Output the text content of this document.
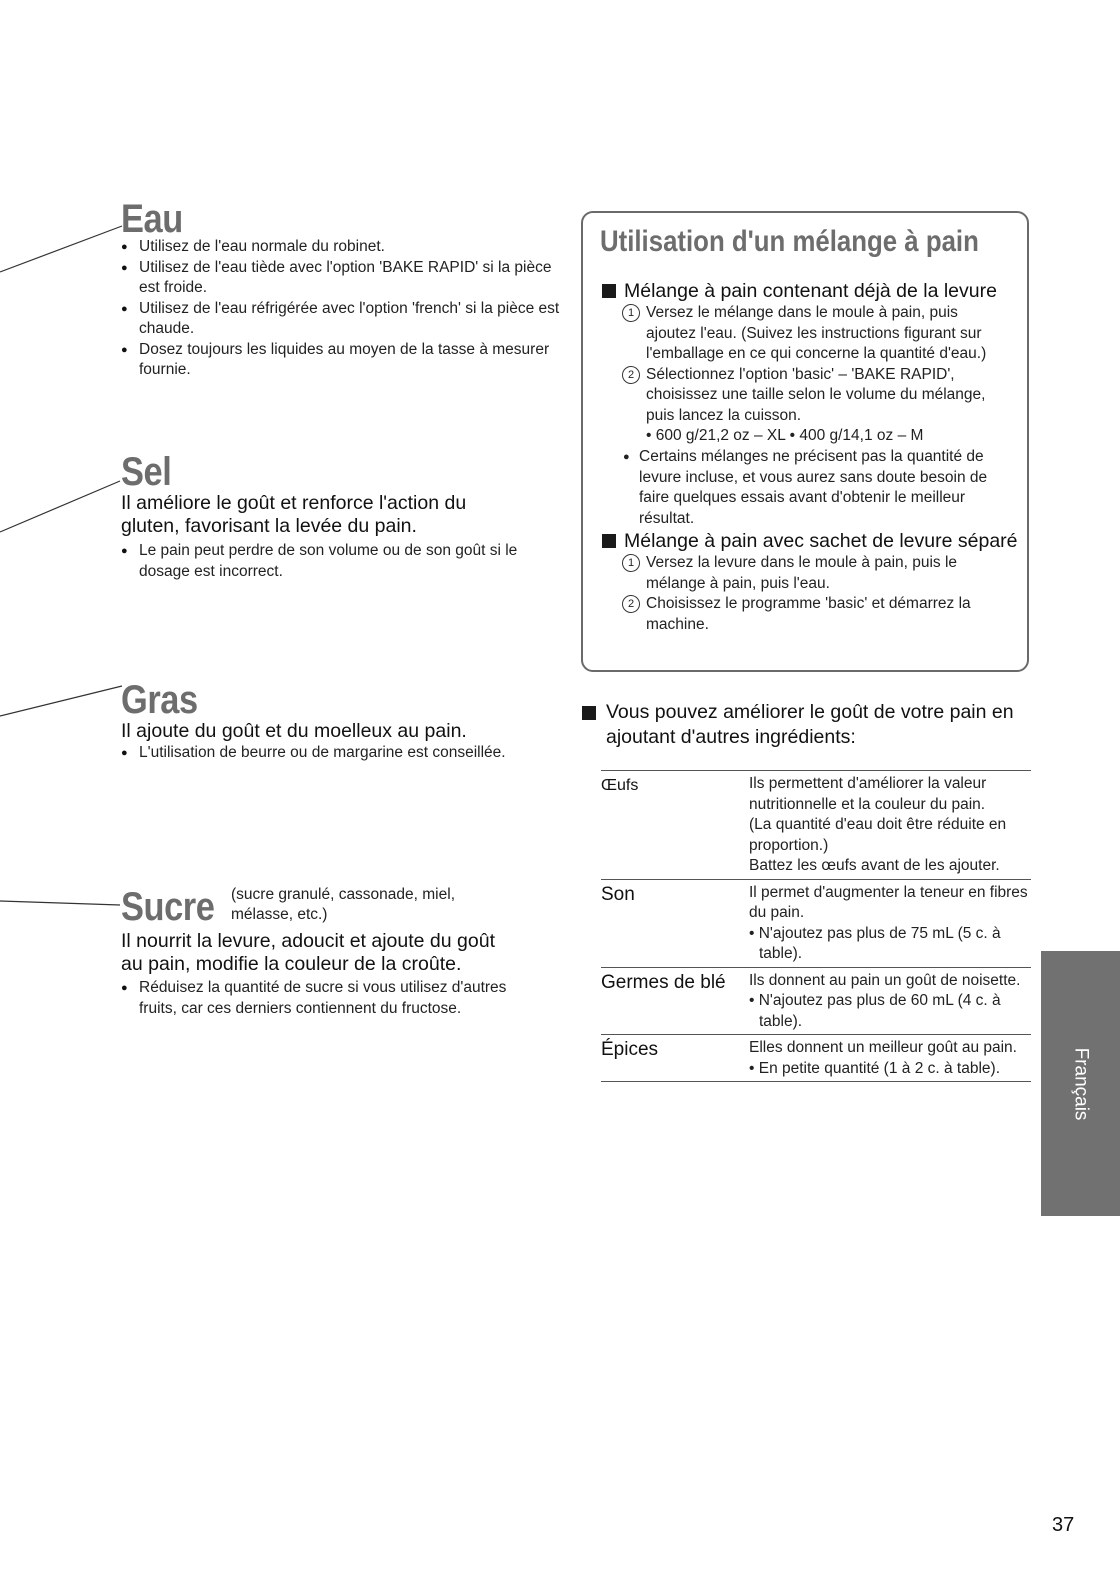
Eau
● Utilisez de l'eau normale du robinet.
● Utilisez de l'eau tiède avec l'option 'BAKE RAPID' si la pièce est froide.
● Utilisez de l'eau réfrigérée avec l'option 'french' si la pièce est chaude.
● Dosez toujours les liquides au moyen de la tasse à mesurer fournie.
Sel
Il améliore le goût et renforce l'action du gluten, favorisant la levée du pain.
● Le pain peut perdre de son volume ou de son goût si le dosage est incorrect.
Gras
Il ajoute du goût et du moelleux au pain.
● L'utilisation de beurre ou de margarine est conseillée.
Sucre (sucre granulé, cassonade, miel, mélasse, etc.)
Il nourrit la levure, adoucit et ajoute du goût au pain, modifie la couleur de la croûte.
● Réduisez la quantité de sucre si vous utilisez d'autres fruits, car ces derniers contiennent du fructose.
Utilisation d'un mélange à pain
Mélange à pain contenant déjà de la levure
1 Versez le mélange dans le moule à pain, puis ajoutez l'eau. (Suivez les instructions figurant sur l'emballage en ce qui concerne la quantité d'eau.)
2 Sélectionnez l'option 'basic' – 'BAKE RAPID', choisissez une taille selon le volume du mélange, puis lancez la cuisson.
• 600 g/21,2 oz – XL • 400 g/14,1 oz – M
● Certains mélanges ne précisent pas la quantité de levure incluse, et vous aurez sans doute besoin de faire quelques essais avant d'obtenir le meilleur résultat.
Mélange à pain avec sachet de levure séparé
1 Versez la levure dans le moule à pain, puis le mélange à pain, puis l'eau.
2 Choisissez le programme 'basic' et démarrez la machine.
Vous pouvez améliorer le goût de votre pain en ajoutant d'autres ingrédients:
Œufs	Ils permettent d'améliorer la valeur nutritionnelle et la couleur du pain.
(La quantité d'eau doit être réduite en proportion.)
Battez les œufs avant de les ajouter.

Son	Il permet d'augmenter la teneur en fibres du pain.
• N'ajoutez pas plus de 75 mL (5 c. à table).

Germes de blé	Ils donnent au pain un goût de noisette.
• N'ajoutez pas plus de 60 mL (4 c. à table).

Épices	Elles donnent un meilleur goût au pain.
• En petite quantité (1 à 2 c. à table).	Français
37
